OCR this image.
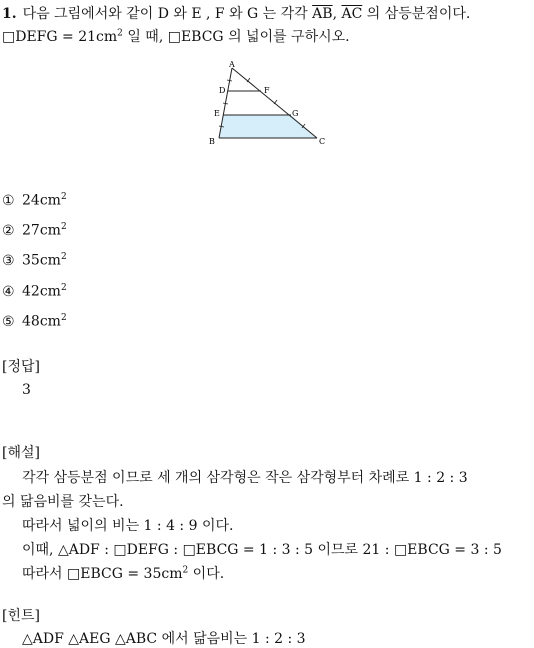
1. 다음 그림에서와 같이 D 와 E , F 와 G 는 각각 $\overline{AB}$, $\overline{AC}$ 의 삼등분점이다.
□DEFG = $21cm^2$ 일 때, □EBCG 의 넓이를 구하시오.
A
D	F
E	G
B	C
① $24cm^2$
② $27cm^2$
③ $35cm^2$
④ $42cm^2$
⑤ $48cm^2$
[정답]
3
[해설]
각각 삼등분점 이므로 세 개의 삼각형은 작은 삼각형부터 차례로 1 : 2 : 3
의 닮음비를 갖는다.
따라서 넓이의 비는 1 : 4 : 9 이다.
이때, △ADF : □DEFG : □EBCG = 1 : 3 : 5 이므로 21 : □EBCG = 3 : 5
따라서 □EBCG = $35cm^2$ 이다.
[힌트]
△ADF △AEG △ABC 에서 닮음비는 1 : 2 : 3
